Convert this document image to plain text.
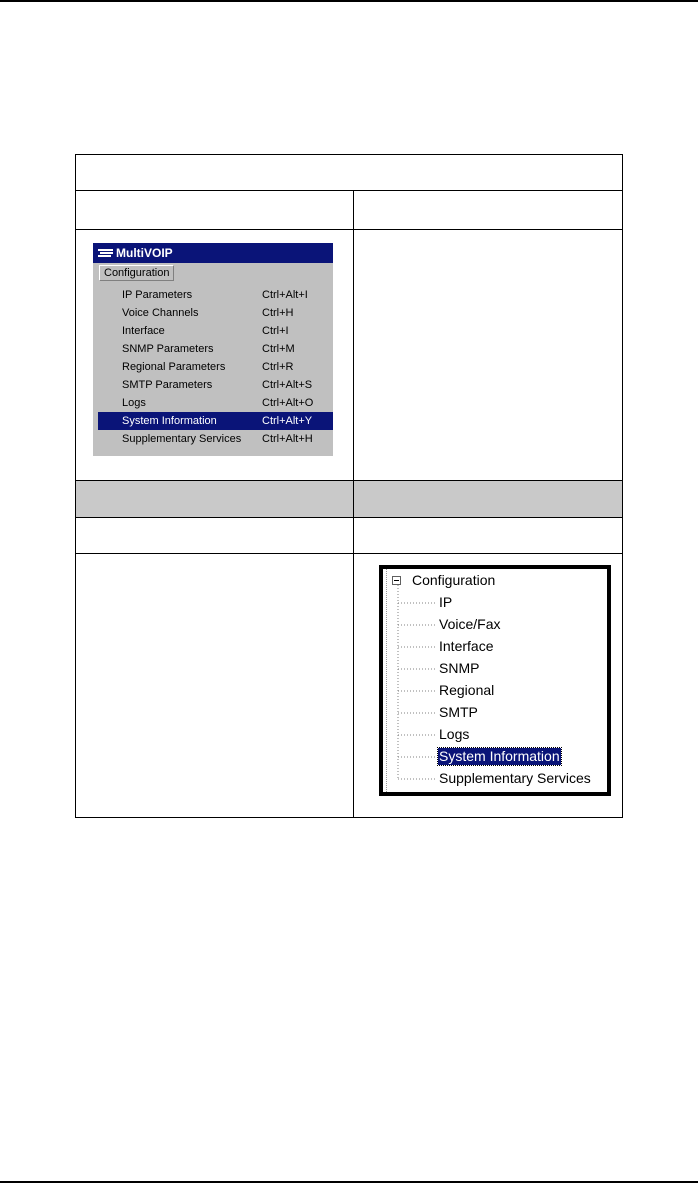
MultiVOIP
Configuration
IP Parameters	Ctrl+Alt+I
Voice Channels	Ctrl+H
Interface	Ctrl+I
SNMP Parameters	Ctrl+M
Regional Parameters	Ctrl+R
SMTP Parameters	Ctrl+Alt+S
Logs	Ctrl+Alt+O
System Information	Ctrl+Alt+Y
Supplementary Services Ctrl+Alt+H
Configuration
IP
Voice/Fax
Interface
SNMP
Regional
SMTP
Logs
System Information
Supplementary Services
